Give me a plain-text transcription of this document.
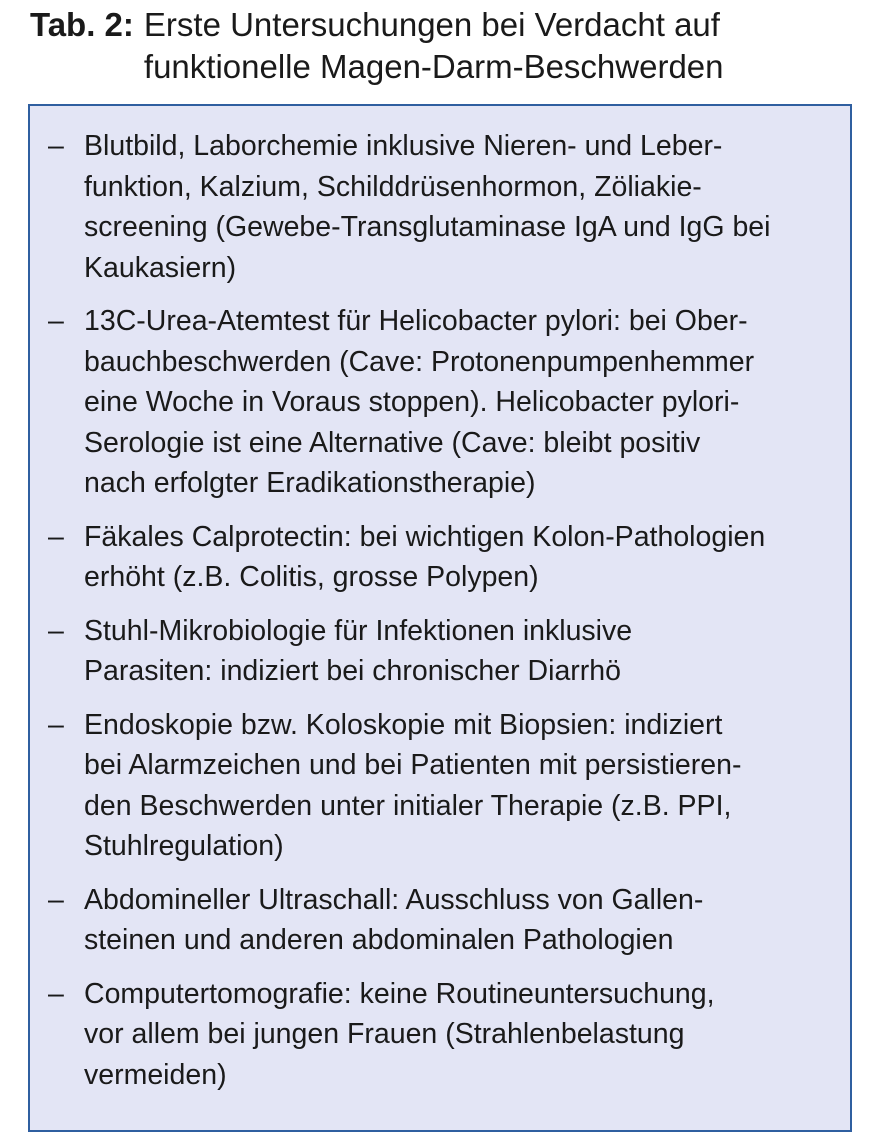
Tab. 2: Erste Untersuchungen bei Verdacht auf
funktionelle Magen-Darm-Beschwerden
– Blutbild, Laborchemie inklusive Nieren- und Leber-
funktion, Kalzium, Schilddrüsenhormon, Zöliakie-
screening (Gewebe-Transglutaminase IgA und IgG bei
Kaukasiern)
– 13C-Urea-Atemtest für Helicobacter pylori: bei Ober-
bauchbeschwerden (Cave: Protonenpumpenhemmer
eine Woche in Voraus stoppen). Helicobacter pylori-
Serologie ist eine Alternative (Cave: bleibt positiv
nach erfolgter Eradikationstherapie)
– Fäkales Calprotectin: bei wichtigen Kolon-Pathologien
erhöht (z.B. Colitis, grosse Polypen)
– Stuhl-Mikrobiologie für Infektionen inklusive
Parasiten: indiziert bei chronischer Diarrhö
– Endoskopie bzw. Koloskopie mit Biopsien: indiziert
bei Alarmzeichen und bei Patienten mit persistieren-
den Beschwerden unter initialer Therapie (z.B. PPI,
Stuhlregulation)
– Abdomineller Ultraschall: Ausschluss von Gallen-
steinen und anderen abdominalen Pathologien
– Computertomografie: keine Routineuntersuchung,
vor allem bei jungen Frauen (Strahlenbelastung
vermeiden)
